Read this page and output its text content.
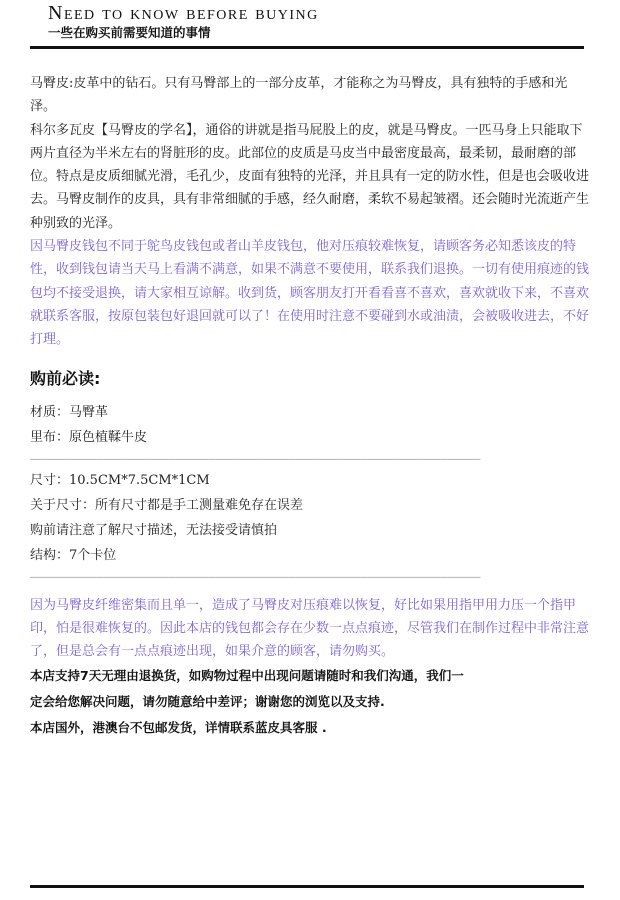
Need to know before buying
一些在购买前需要知道的事情

马臀皮:皮革中的钻石。只有马臀部上的一部分皮革，才能称之为马臀皮，具有独特的手感和光泽。

科尔多瓦皮【马臀皮的学名】，通俗的讲就是指马屁股上的皮，就是马臀皮。一匹马身上只能取下两片直径为半米左右的肾脏形的皮。此部位的皮质是马皮当中最密度最高，最柔韧，最耐磨的部位。特点是皮质细腻光滑，毛孔少，皮面有独特的光泽，并且具有一定的防水性，但是也会吸收进去。马臀皮制作的皮具，具有非常细腻的手感，经久耐磨，柔软不易起皱褶。还会随时光流逝产生种别致的光泽。

因马臀皮钱包不同于鸵鸟皮钱包或者山羊皮钱包，他对压痕较难恢复，请顾客务必知悉该皮的特性，收到钱包请当天马上看满不满意，如果不满意不要使用，联系我们退换。一切有使用痕迹的钱包均不接受退换，请大家相互谅解。收到货，顾客朋友打开看看喜不喜欢，喜欢就收下来，不喜欢就联系客服，按原包装包好退回就可以了！在使用时注意不要碰到水或油渍，会被吸收进去，不好打理。

购前必读:
材质：马臀革
里布：原色植鞣牛皮
————————————————————————————————————————————————————————————————————
尺寸：10.5CM*7.5CM*1CM
关于尺寸：所有尺寸都是手工测量难免存在误差
购前请注意了解尺寸描述，无法接受请慎拍
结构：7个卡位
————————————————————————————————————————————————————————————————————

因为马臀皮纤维密集而且单一，造成了马臀皮对压痕难以恢复，好比如果用指甲用力压一个指甲印，怕是很难恢复的。因此本店的钱包都会存在少数一点点痕迹，尽管我们在制作过程中非常注意了，但是总会有一点点痕迹出现，如果介意的顾客，请勿购买。

本店支持7天无理由退换货，如购物过程中出现问题请随时和我们沟通，我们一
定会给您解决问题，请勿随意给中差评；谢谢您的浏览以及支持.
本店国外，港澳台不包邮发货，详情联系蓝皮具客服 .
